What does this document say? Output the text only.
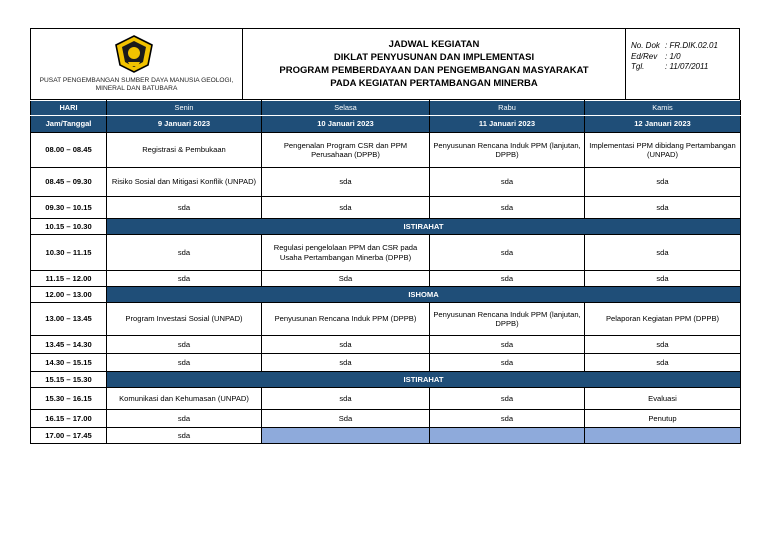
PUSAT PENGEMBANGAN SUMBER DAYA MANUSIA GEOLOGI, MINERAL DAN BATUBARA
JADWAL KEGIATAN
DIKLAT PENYUSUNAN DAN IMPLEMENTASI
PROGRAM PEMBERDAYAAN DAN PENGEMBANGAN MASYARAKAT
PADA KEGIATAN PERTAMBANGAN MINERBA
No. Dok : FR.DIK.02.01
Ed/Rev : 1/0
Tgl.	: 11/07/2011
HARI	Senin	Selasa	Rabu	Kamis
Jam/Tanggal	9 Januari 2023	10 Januari 2023	11 Januari 2023	12 Januari 2023
08.00 – 08.45	Registrasi & Pembukaan	Pengenalan Program CSR dan PPM Perusahaan (DPPB)	Penyusunan Rencana Induk PPM (lanjutan, DPPB)	Implementasi PPM dibidang Pertambangan (UNPAD)
08.45 – 09.30	Risiko Sosial dan Mitigasi Konflik (UNPAD)	sda	sda	sda
09.30 – 10.15	sda	sda	sda	sda
10.15 – 10.30	ISTIRAHAT			
10.30 – 11.15	sda	Regulasi pengelolaan PPM dan CSR pada Usaha Pertambangan Minerba (DPPB)	sda	sda
11.15 – 12.00	sda	Sda	sda	sda
12.00 – 13.00	ISHOMA			
13.00 – 13.45	Program Investasi Sosial (UNPAD)	Penyusunan Rencana Induk PPM (DPPB)	Penyusunan Rencana Induk PPM (lanjutan, DPPB)	Pelaporan Kegiatan PPM (DPPB)
13.45 – 14.30	sda	sda	sda	sda
14.30 – 15.15	sda	sda	sda	sda
15.15 – 15.30	ISTIRAHAT			
15.30 – 16.15	Komunikasi dan Kehumasan (UNPAD)	sda	sda	Evaluasi
16.15 – 17.00	sda	Sda	sda	Penutup
17.00 – 17.45	sda			
